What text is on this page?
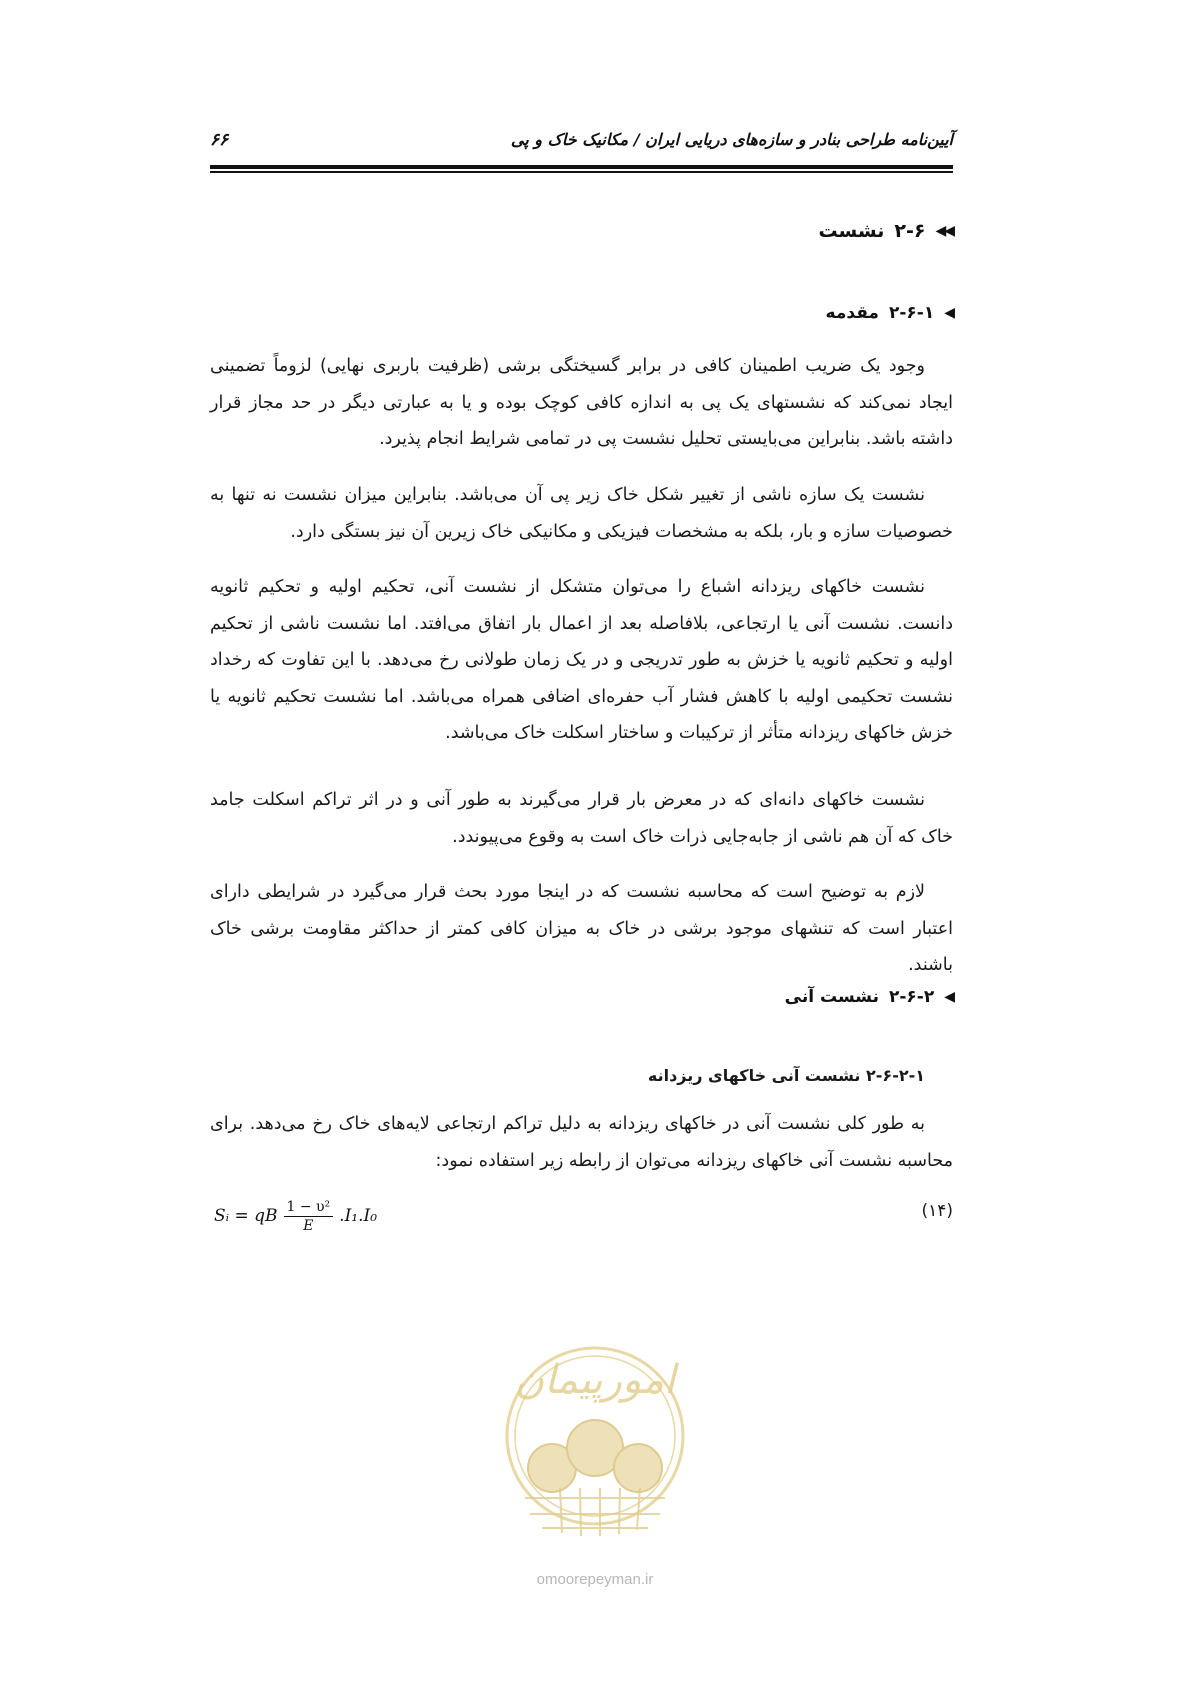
آیین‌نامه طراحی بنادر و سازه‌های دریایی ایران / مکانیک خاک و پی
۶۶
◀◀
۲-۶
نشست
◀
۲-۶-۱
مقدمه

وجود یک ضریب اطمینان کافی در برابر گسیختگی برشی (ظرفیت باربری نهایی) لزوماً تضمینی ایجاد نمی‌کند که نشستهای یک پی به اندازه کافی کوچک بوده و یا به عبارتی دیگر در حد مجاز قرار داشته باشد. بنابراین می‌بایستی تحلیل نشست پی در تمامی شرایط انجام پذیرد.

نشست یک سازه ناشی از تغییر شکل خاک زیر پی آن می‌باشد. بنابراین میزان نشست نه تنها به خصوصیات سازه و بار، بلکه به مشخصات فیزیکی و مکانیکی خاک زیرین آن نیز بستگی دارد.

نشست خاکهای ریزدانه اشباع را می‌توان متشکل از نشست آنی، تحکیم اولیه و تحکیم ثانویه دانست. نشست آنی یا ارتجاعی، بلافاصله بعد از اعمال بار اتفاق می‌افتد. اما نشست ناشی از تحکیم اولیه و تحکیم ثانویه یا خزش به طور تدریجی و در یک زمان طولانی رخ می‌دهد. با این تفاوت که رخداد نشست تحکیمی اولیه با کاهش فشار آب حفره‌ای اضافی همراه می‌باشد. اما نشست تحکیم ثانویه یا خزش خاکهای ریزدانه متأثر از ترکیبات و ساختار اسکلت خاک می‌باشد.

نشست خاکهای دانه‌ای که در معرض بار قرار می‌گیرند به طور آنی و در اثر تراکم اسکلت جامد خاک که آن هم ناشی از جابه‌جایی ذرات خاک است به وقوع می‌پیوندد.

لازم به توضیح است که محاسبه نشست که در اینجا مورد بحث قرار می‌گیرد در شرایطی دارای اعتبار است که تنشهای موجود برشی در خاک به میزان کافی کمتر از حداکثر مقاومت برشی خاک باشند.

◀
۲-۶-۲
نشست آنی
۲-۶-۲-۱ نشست آنی خاکهای ریزدانه

به طور کلی نشست آنی در خاکهای ریزدانه به دلیل تراکم ارتجاعی لایه‌های خاک رخ می‌دهد. برای محاسبه نشست آنی خاکهای ریزدانه می‌توان از رابطه زیر استفاده نمود:

Sᵢ = qB $\frac{\text{1 − υ²}}{E} .I_1.I_0$	(۱۴)
امورپیمان
omoorepeyman.ir
